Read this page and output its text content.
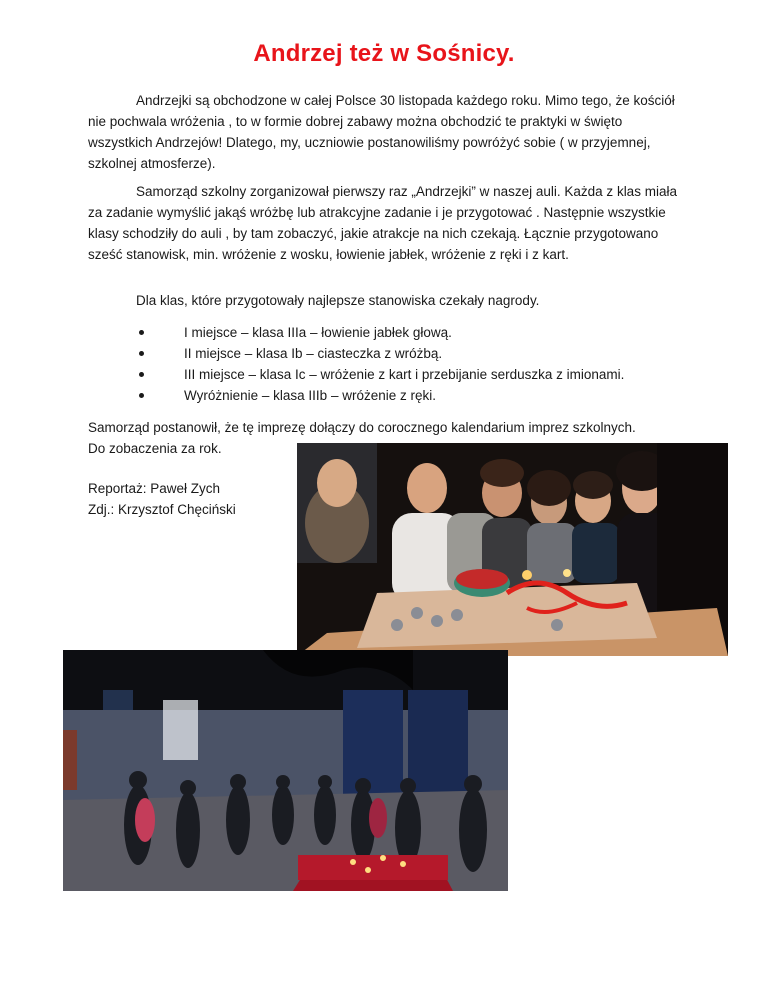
Andrzej też w Sośnicy.

Andrzejki są obchodzone w całej Polsce 30 listopada każdego roku. Mimo tego, że kościół nie pochwala wróżenia , to w formie dobrej zabawy można obchodzić te praktyki w święto wszystkich Andrzejów! Dlatego, my, uczniowie postanowiliśmy powróżyć sobie ( w przyjemnej, szkolnej atmosferze).

Samorząd szkolny zorganizował pierwszy raz „Andrzejki” w naszej auli. Każda z klas miała za zadanie wymyślić jakąś wróżbę lub atrakcyjne zadanie i je przygotować . Następnie wszystkie klasy schodziły do auli , by tam zobaczyć, jakie atrakcje na nich czekają. Łącznie przygotowano sześć stanowisk, min. wróżenie z wosku, łowienie jabłek, wróżenie z ręki i z kart.

Dla klas, które przygotowały najlepsze stanowiska czekały nagrody.

I miejsce – klasa IIIa – łowienie jabłek głową.
II miejsce – klasa Ib – ciasteczka z wróżbą.
III miejsce – klasa Ic – wróżenie z kart i przebijanie serduszka z imionami.
Wyróżnienie – klasa IIIb – wróżenie z ręki.

Samorząd postanowił, że tę imprezę dołączy do corocznego kalendarium imprez szkolnych.

Do zobaczenia za rok.

Reportaż: Paweł Zych
Zdj.: Krzysztof Chęciński
